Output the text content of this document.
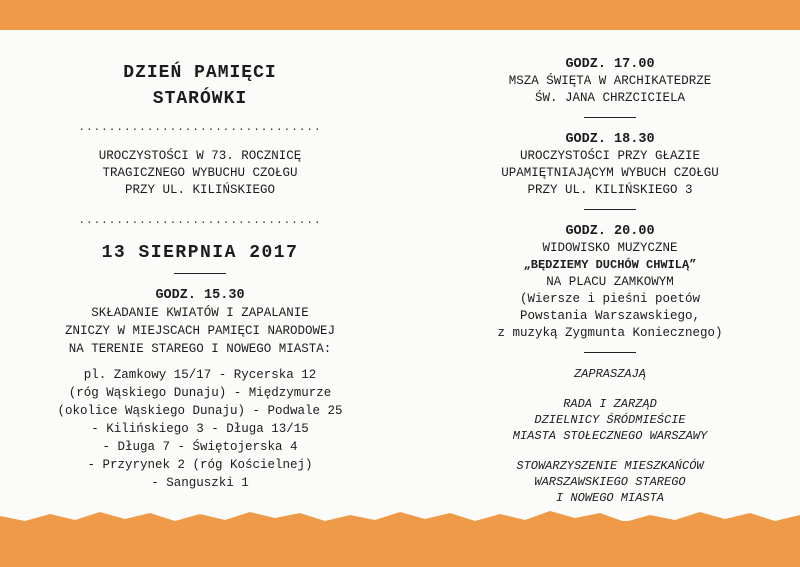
DZIEŃ PAMIĘCI

STARÓWKI

................................

UROCZYSTOŚCI W 73. ROCZNICĘ

TRAGICZNEGO WYBUCHU CZOŁGU

PRZY UL. KILIŃSKIEGO

................................

13 SIERPNIA 2017

GODZ. 15.30

SKŁADANIE KWIATÓW I ZAPALANIE

ZNICZY W MIEJSCACH PAMIĘCI NARODOWEJ

NA TERENIE STAREGO I NOWEGO MIASTA:

pl. Zamkowy 15/17 - Rycerska 12

(róg Wąskiego Dunaju) - Międzymurze

(okolice Wąskiego Dunaju) - Podwale 25

- Kilińskiego 3 - Długa 13/15

- Długa 7 - Świętojerska 4

- Przyrynek 2 (róg Kościelnej)

- Sanguszki 1

GODZ. 17.00

MSZA ŚWIĘTA W ARCHIKATEDRZE

ŚW. JANA CHRZCICIELA

GODZ. 18.30

UROCZYSTOŚCI PRZY GŁAZIE

UPAMIĘTNIAJĄCYM WYBUCH CZOŁGU

PRZY UL. KILIŃSKIEGO 3

GODZ. 20.00

WIDOWISKO MUZYCZNE

„BĘDZIEMY DUCHÓW CHWILĄ”

NA PLACU ZAMKOWYM

(Wiersze i pieśni poetów

Powstania Warszawskiego,

z muzyką Zygmunta Koniecznego)

ZAPRASZAJĄ

RADA I ZARZĄD

DZIELNICY ŚRÓDMIEŚCIE

MIASTA STOŁECZNEGO WARSZAWY

STOWARZYSZENIE MIESZKAŃCÓW

WARSZAWSKIEGO STAREGO

I NOWEGO MIASTA
